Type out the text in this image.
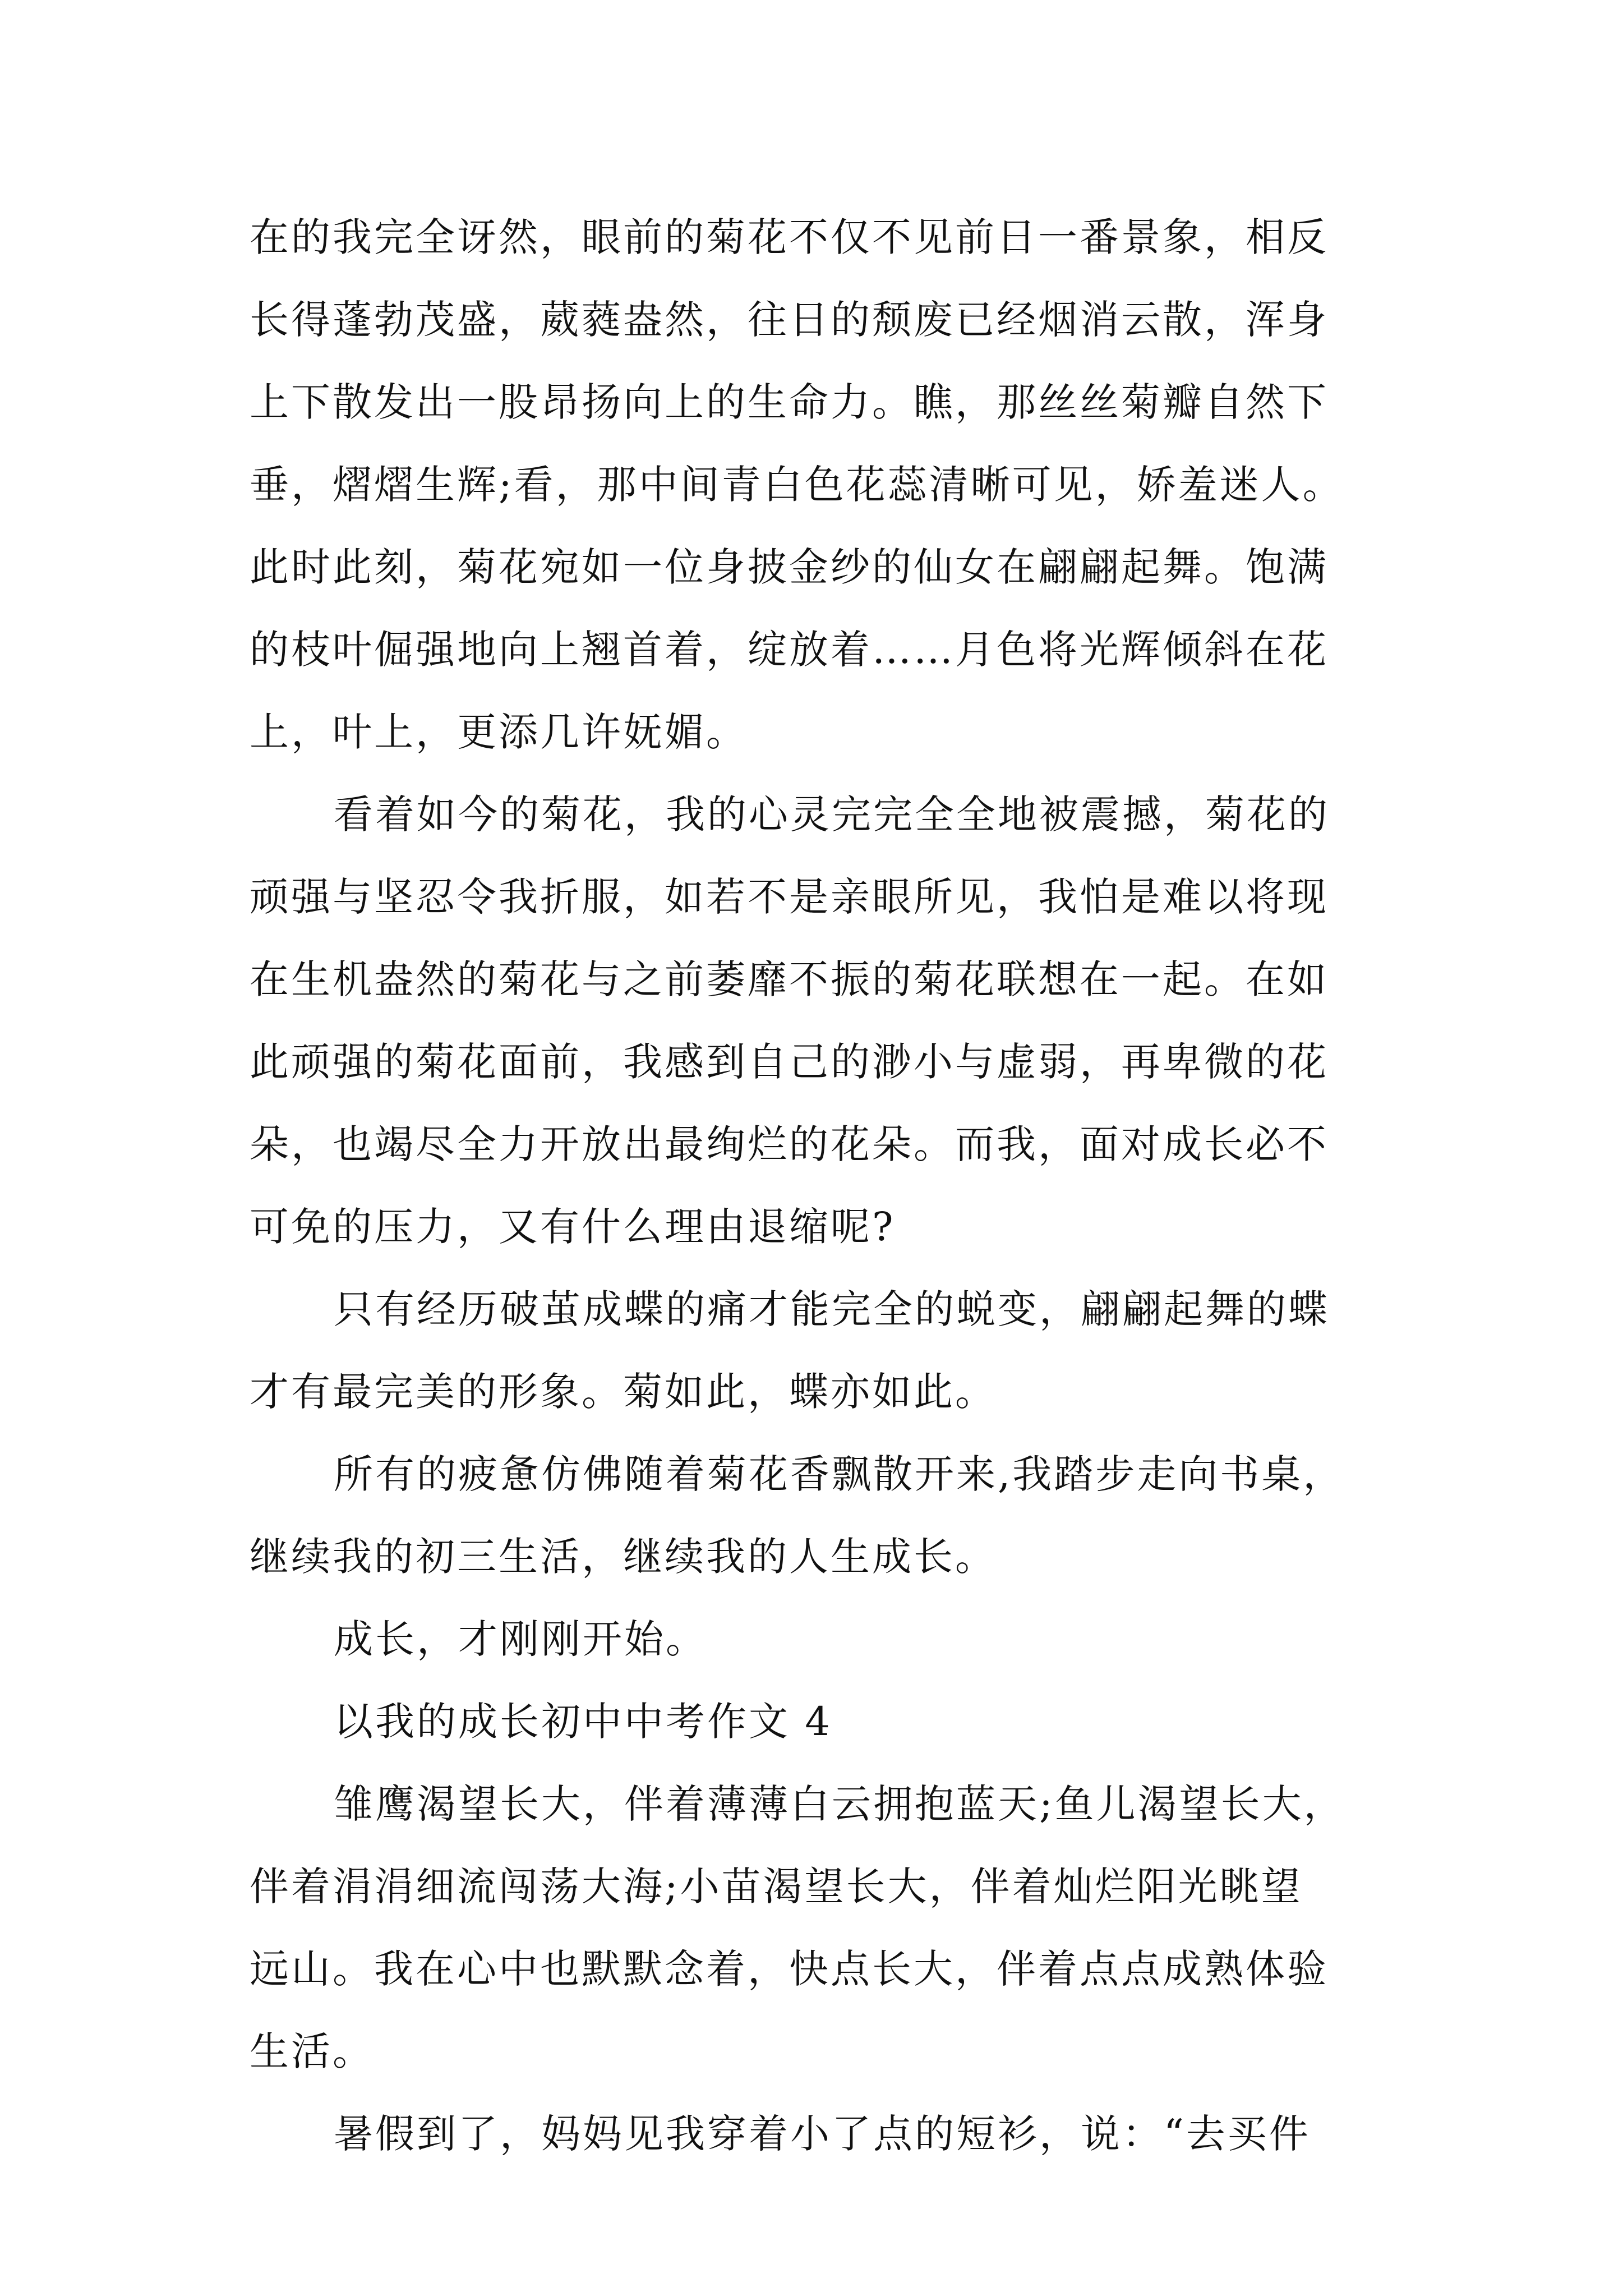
在的我完全讶然，眼前的菊花不仅不见前日一番景象，相反
长得蓬勃茂盛，葳蕤盎然，往日的颓废已经烟消云散，浑身
上下散发出一股昂扬向上的生命力。瞧，那丝丝菊瓣自然下
垂，熠熠生辉;看，那中间青白色花蕊清晰可见，娇羞迷人。
此时此刻，菊花宛如一位身披金纱的仙女在翩翩起舞。饱满
的枝叶倔强地向上翘首着，绽放着……月色将光辉倾斜在花
上，叶上，更添几许妩媚。
看着如今的菊花，我的心灵完完全全地被震撼，菊花的
顽强与坚忍令我折服，如若不是亲眼所见，我怕是难以将现
在生机盎然的菊花与之前萎靡不振的菊花联想在一起。在如
此顽强的菊花面前，我感到自己的渺小与虚弱，再卑微的花
朵，也竭尽全力开放出最绚烂的花朵。而我，面对成长必不
可免的压力，又有什么理由退缩呢?
只有经历破茧成蝶的痛才能完全的蜕变，翩翩起舞的蝶
才有最完美的形象。菊如此，蝶亦如此。
所有的疲惫仿佛随着菊花香飘散开来,我踏步走向书桌，
继续我的初三生活，继续我的人生成长。
成长，才刚刚开始。
以我的成长初中中考作文 4
雏鹰渴望长大，伴着薄薄白云拥抱蓝天;鱼儿渴望长大，
伴着涓涓细流闯荡大海;小苗渴望长大，伴着灿烂阳光眺望
远山。我在心中也默默念着，快点长大，伴着点点成熟体验
生活。
暑假到了，妈妈见我穿着小了点的短衫，说：“去买件
